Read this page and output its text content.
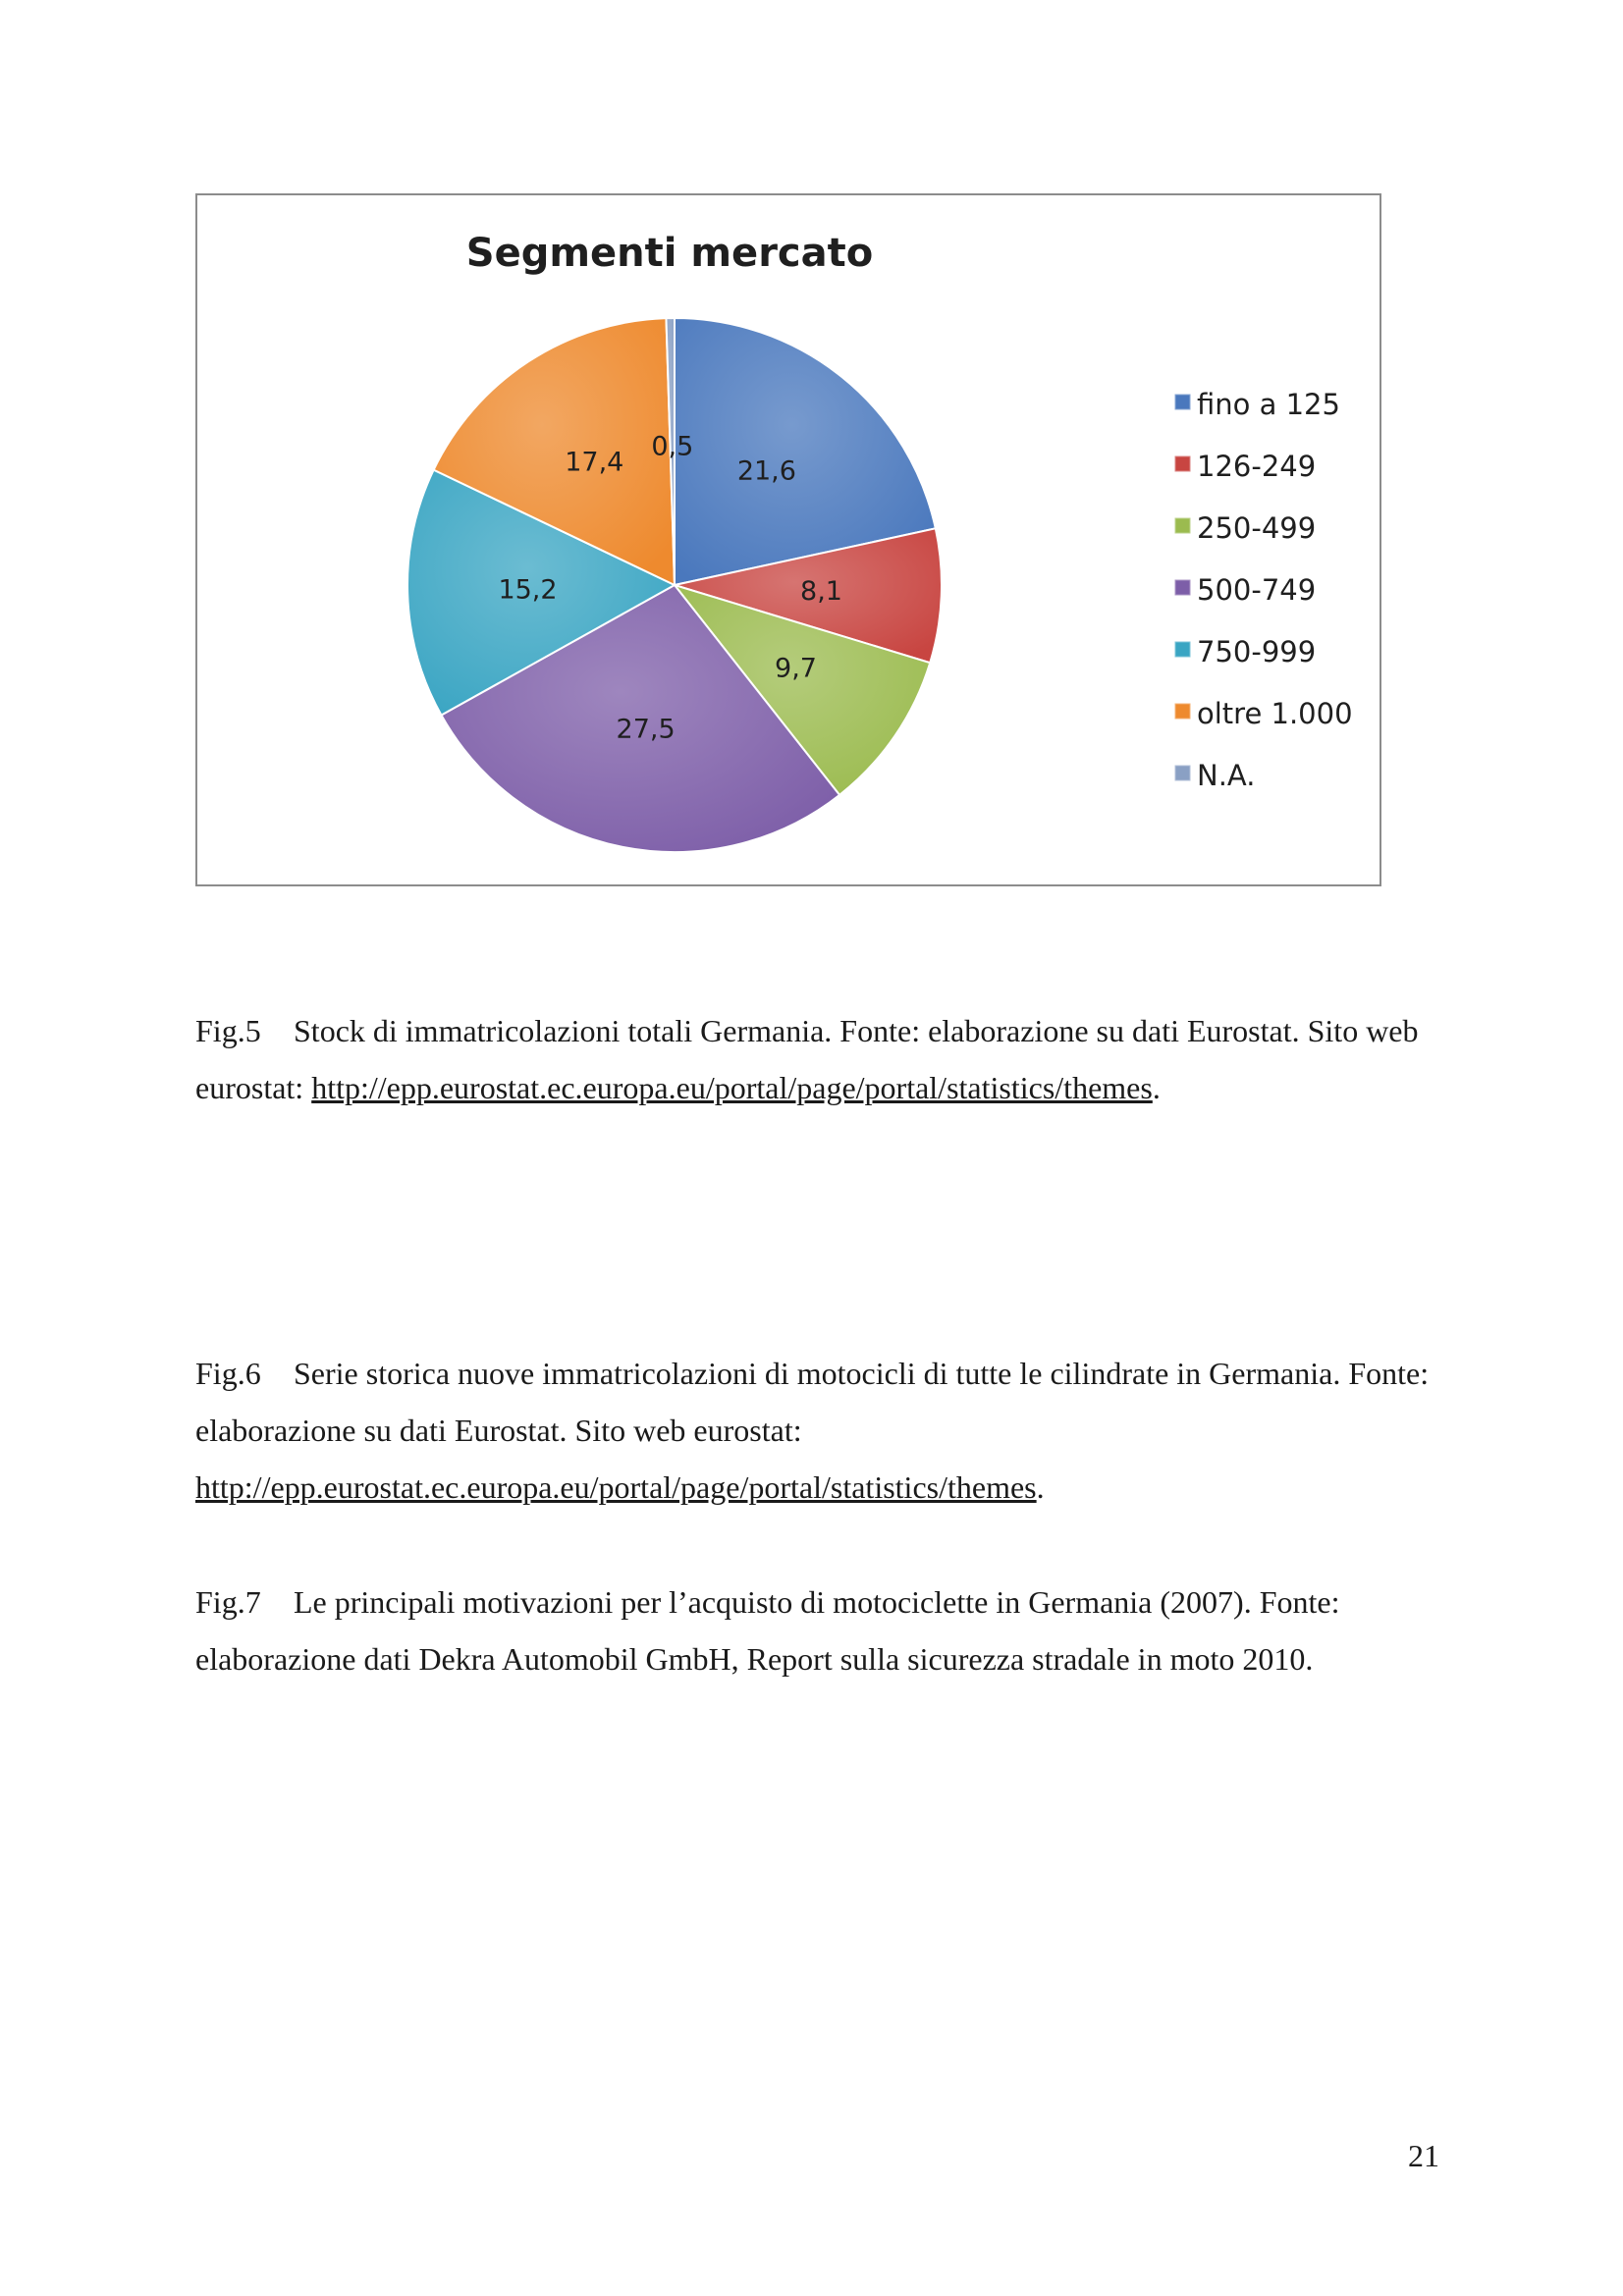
Segmenti mercato
21,6
8,1
9,7
27,5
15,2
17,4
0,5
fino a 125
126-249
250-499
500-749
750-999
oltre 1.000
N.A.

Fig.5 Stock di immatricolazioni totali Germania. Fonte: elaborazione su dati Eurostat. Sito web eurostat: http://epp.eurostat.ec.europa.eu/portal/page/portal/statistics/themes.

Fig.6 Serie storica nuove immatricolazioni di motocicli di tutte le cilindrate in Germania. Fonte: elaborazione su dati Eurostat. Sito web eurostat: http://epp.eurostat.ec.europa.eu/portal/page/portal/statistics/themes.

Fig.7 Le principali motivazioni per l’acquisto di motociclette in Germania (2007). Fonte: elaborazione dati Dekra Automobil GmbH, Report sulla sicurezza stradale in moto 2010.

21
